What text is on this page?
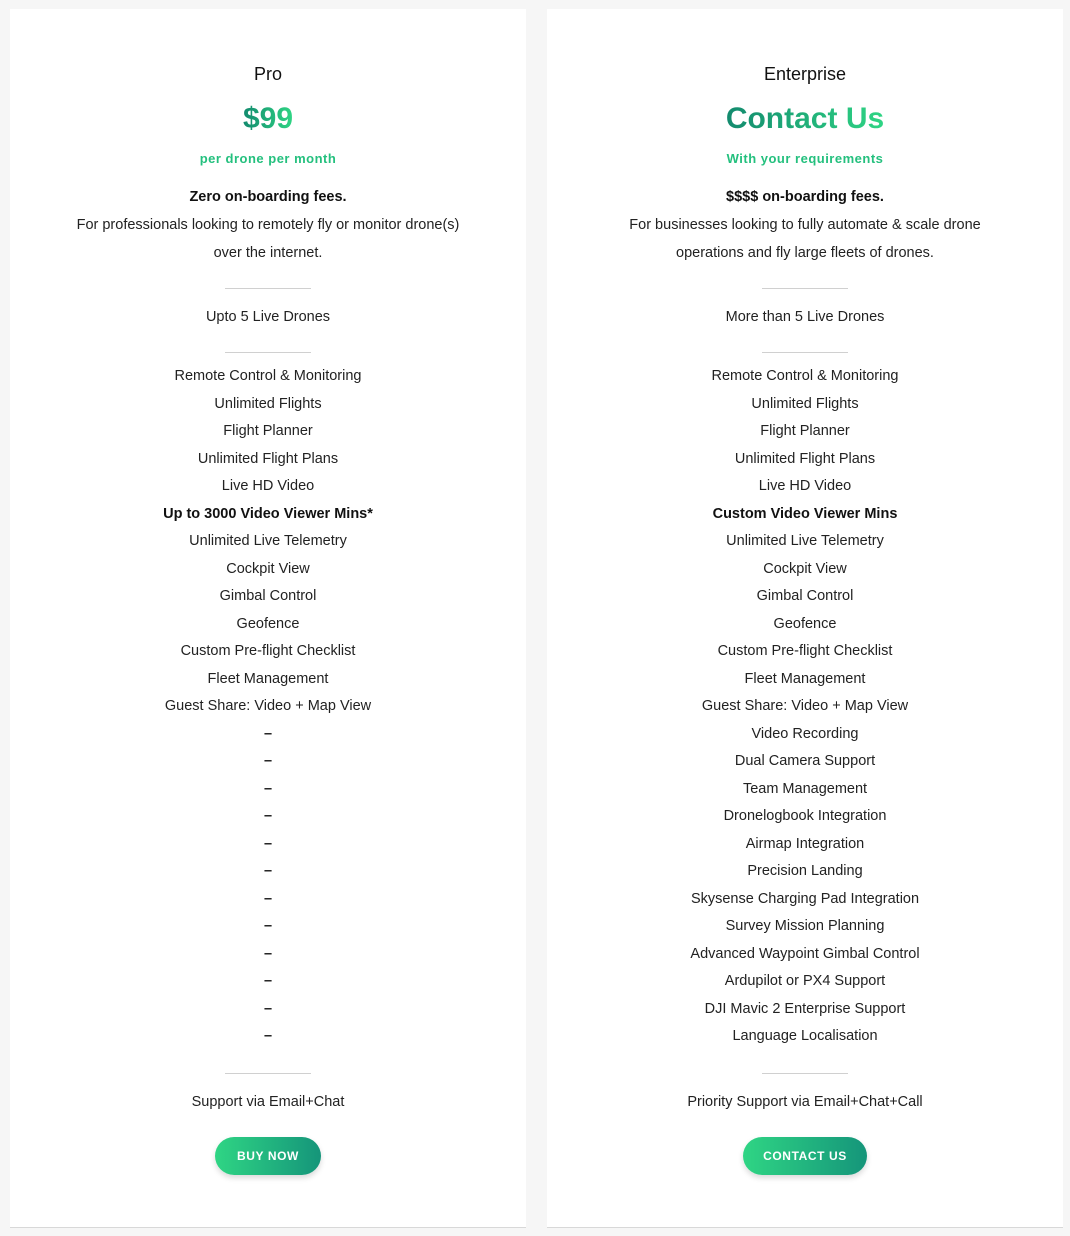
Pro
$99
per drone per month
Zero on-boarding fees.
For professionals looking to remotely fly or monitor drone(s) over the internet.
Upto 5 Live Drones
Remote Control & Monitoring
Unlimited Flights
Flight Planner
Unlimited Flight Plans
Live HD Video
Up to 3000 Video Viewer Mins*
Unlimited Live Telemetry
Cockpit View
Gimbal Control
Geofence
Custom Pre-flight Checklist
Fleet Management
Guest Share: Video + Map View
–
–
–
–
–
–
–
–
–
–
–
–
Support via Email+Chat
BUY NOW
Enterprise
Contact Us
With your requirements
$$$$ on-boarding fees.
For businesses looking to fully automate & scale drone operations and fly large fleets of drones.
More than 5 Live Drones
Remote Control & Monitoring
Unlimited Flights
Flight Planner
Unlimited Flight Plans
Live HD Video
Custom Video Viewer Mins
Unlimited Live Telemetry
Cockpit View
Gimbal Control
Geofence
Custom Pre-flight Checklist
Fleet Management
Guest Share: Video + Map View
Video Recording
Dual Camera Support
Team Management
Dronelogbook Integration
Airmap Integration
Precision Landing
Skysense Charging Pad Integration
Survey Mission Planning
Advanced Waypoint Gimbal Control
Ardupilot or PX4 Support
DJI Mavic 2 Enterprise Support
Language Localisation
Priority Support via Email+Chat+Call
CONTACT US
